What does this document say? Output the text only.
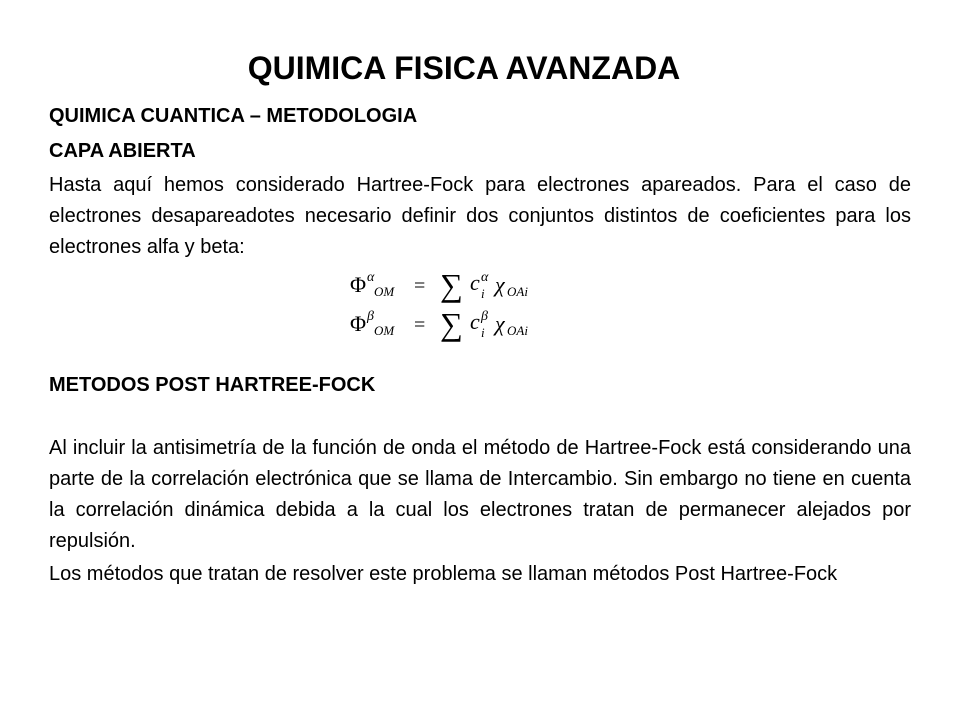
QUIMICA FISICA AVANZADA
QUIMICA CUANTICA – METODOLOGIA
CAPA ABIERTA

Hasta aquí hemos considerado Hartree-Fock para electrones apareados. Para el caso de electrones desapareadotes necesario definir dos conjuntos distintos de coeficientes para los electrones alfa y beta:

Φ α
OM = ∑ c α
i χ OAi
Φ β
OM = ∑ c β
i χ OAi
METODOS POST HARTREE-FOCK

Al incluir la antisimetría de la función de onda el método de Hartree-Fock está considerando una parte de la correlación electrónica que se llama de Intercambio. Sin embargo no tiene en cuenta la correlación dinámica debida a la cual los electrones tratan de permanecer alejados por repulsión.

Los métodos que tratan de resolver este problema se llaman métodos Post Hartree-Fock
